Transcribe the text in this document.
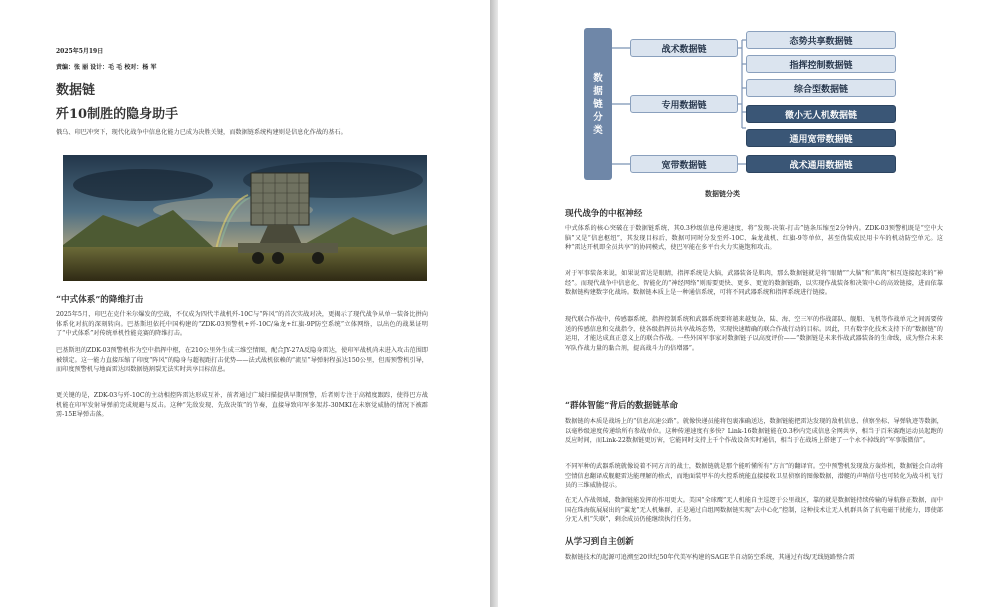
2025年5月19日
责编：张 丽 设计：毛 毛 校对：杨 军
数据链
歼10制胜的隐身助手
俄乌、印巴冲突下，现代化战争中信息化能力已成为决胜关键，而数据链系统构建则是信息化作战的基石。
“中式体系”的降维打击
2025年5月，印巴在克什米尔爆发的空战，不仅成为四代半战机歼-10C与“阵风”的首次实战对决，更揭示了现代战争从单一装备比拼向体系化对抗的深刻转向。巴基斯坦依托中国构建的“ZDK-03预警机+歼-10C/枭龙+红旗-9P防空系统”立体网络，以出色的战果证明了“中式体系”对传统单机性能竞赛的降维打击。
巴基斯坦的ZDK-03预警机作为空中指挥中枢，在210公里外生成三维空情图，配合JY-27A反隐身雷达，使印军战机尚未进入攻击范围即被锁定。这一能力直接压缩了印度“阵风”的隐身与超视距打击优势——法式战机依赖的“流星”导弹射程虽达150公里，但需预警机引导，而印度预警机与地面雷达因数据链割裂无法实时共享目标信息。
更关键的是，ZDK-03与歼-10C的主动相控阵雷达形成互补，前者通过广域扫描提供早期预警，后者则专注于高精度跟踪，使得巴方战机能在印军发射导弹前完成规避与反击。这种“先敌发现、先敌决策”的节奏，直接导致印军多架苏-30MKI在未察觉威胁的情况下被霹雳-15E导弹击落。
数
据
链
分
类
战术数据链
专用数据链
宽带数据链
态势共享数据链
指挥控制数据链
综合型数据链
微小无人机数据链
通用宽带数据链
战术通用数据链
数据链分类
现代战争的中枢神经
中式体系的核心突破在于数据链系统，其0.3秒级信息传递速度，将“发现-决策-打击”链条压缩至2分钟内。ZDK-03预警机既是“空中大脑”又是“信息枢纽”，其发现目标后，数据可同时分发至歼-10C、枭龙战机、红旗-9等单位，甚至伪装成民用卡车的机动防空单元。这种“雷达开机即全员共享”的协同模式，使巴军能在多平台火力实施饱和攻击。
对于军事装备来说，如果说雷达是眼睛，指挥系统是大脑，武器装备是肌肉，那么数据链就是将“眼睛”“大脑”和“肌肉”相互连接起来的“神经”。而现代战争中信息化、智能化的“神经网络”则需要更快、更多、更宽的数据链路，以实现作战装备和决策中心的高效链接，进而依靠数据链构建数字化战场。数据链本质上是一种通信系统，可将不同武器系统和指挥系统进行链接。
现代联合作战中，传感器系统、指挥控制系统和武器系统要将越来越复杂，陆、海、空三军的作战部队、舰船、飞机等作战单元之间需要传送的传感信息和交战指令，使各级指挥员共享战场态势，实现快速精确的联合作战行动的目标。因此，只有数字化技术支持下的“数据链”的运用，才能达成真正意义上的联合作战。一些外国军事家对数据链子以高度评价——“数据链是未来作战武器装备的生命线，成为整合未来军队作战力量的黏合剂，提高战斗力的倍增器”。
“群体智能”背后的数据链革命
数据链的本质是战场上的“信息高速公路”。就像快递员能将包裹准确送达，数据链能把雷达发现的敌机信息、侦察坐标、导弹轨迹等数据，以毫秒级速度传递给所有参战单位。这种传递速度有多快？Link-16数据链能在0.3秒内完成信息全网共享，相当于百米赛跑运动员起跑的反应时间，而Link-22数据链更厉害，它能同时支持上千个作战设备实时通信，相当于在战场上搭建了一个永不掉线的“军事版微信”。
不同军种的武器系统就像说着不同方言的战士，数据链就是那个能听懂所有“方言”的翻译官。空中预警机发现敌方轰炸机，数据链会自动将空情信息翻译成舰艇雷达能理解的格式，而地面装甲车的火控系统能直接接收卫星侦察的图像数据，潜艇的声呐信号也可转化为战斗机飞行员的三维威胁提示。
在无人作战领域，数据链能发挥的作用更大。美国“全球鹰”无人机能自主巡逻于公里战区，靠的就是数据链持续传输的导航修正数据，而中国在珠海航展展出的“翼龙”无人机集群，正是通过自组网数据链实现“去中心化”控制，这种技术让无人机群具备了抗电磁干扰能力，即使部分无人机“失联”，剩余成员仍能继续执行任务。
从学习到自主创新
数据链技术的起源可追溯至20世纪50年代美军构建的SAGE半自动防空系统，其通过有线/无线链路整合雷
